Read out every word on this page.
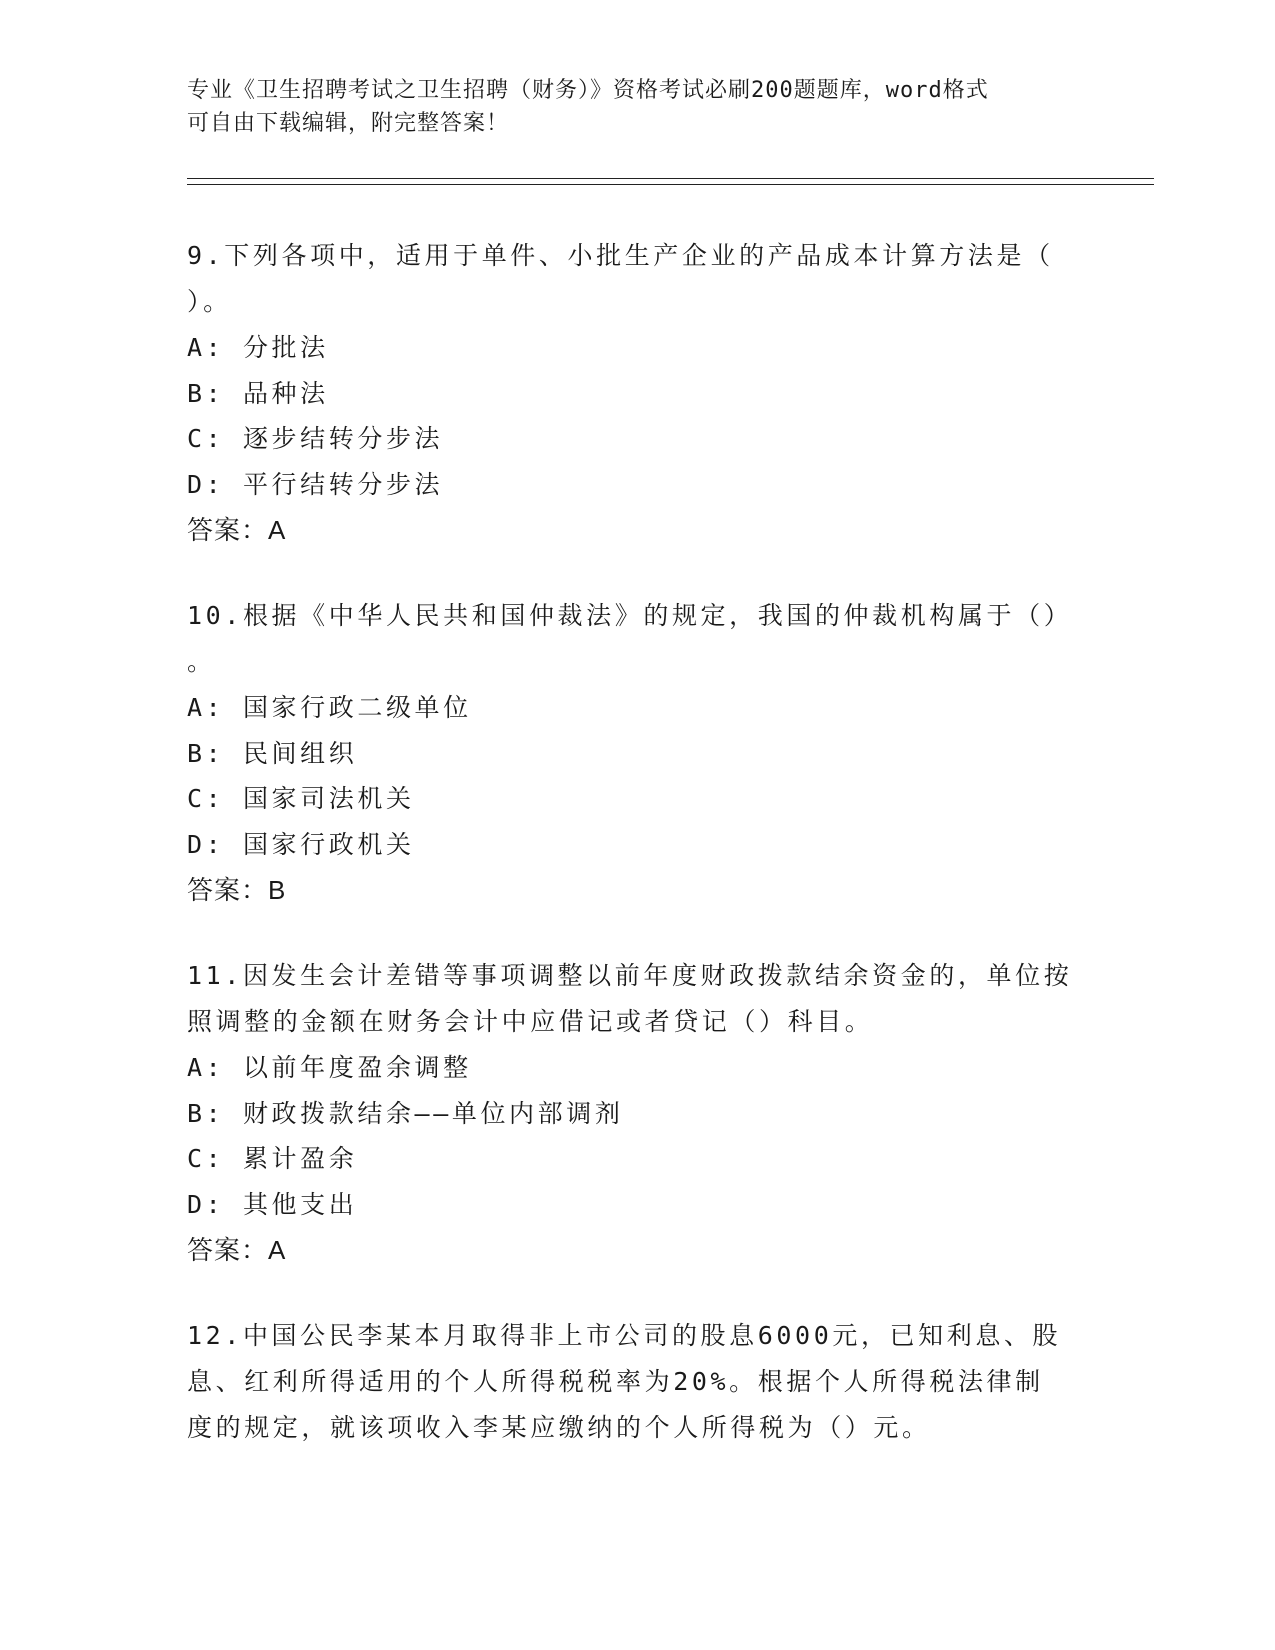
专业《卫生招聘考试之卫生招聘（财务）》资格考试必刷200题题库，word格式
可自由下载编辑，附完整答案！
9.下列各项中，适用于单件、小批生产企业的产品成本计算方法是（
）。
A: 分批法
B: 品种法
C: 逐步结转分步法
D: 平行结转分步法
答案：A
10.根据《中华人民共和国仲裁法》的规定，我国的仲裁机构属于（）
。
A: 国家行政二级单位
B: 民间组织
C: 国家司法机关
D: 国家行政机关
答案：B
11.因发生会计差错等事项调整以前年度财政拨款结余资金的，单位按
照调整的金额在财务会计中应借记或者贷记（）科目。
A: 以前年度盈余调整
B: 财政拨款结余——单位内部调剂
C: 累计盈余
D: 其他支出
答案：A
12.中国公民李某本月取得非上市公司的股息6000元，已知利息、股
息、红利所得适用的个人所得税税率为20%。根据个人所得税法律制
度的规定，就该项收入李某应缴纳的个人所得税为（）元。
